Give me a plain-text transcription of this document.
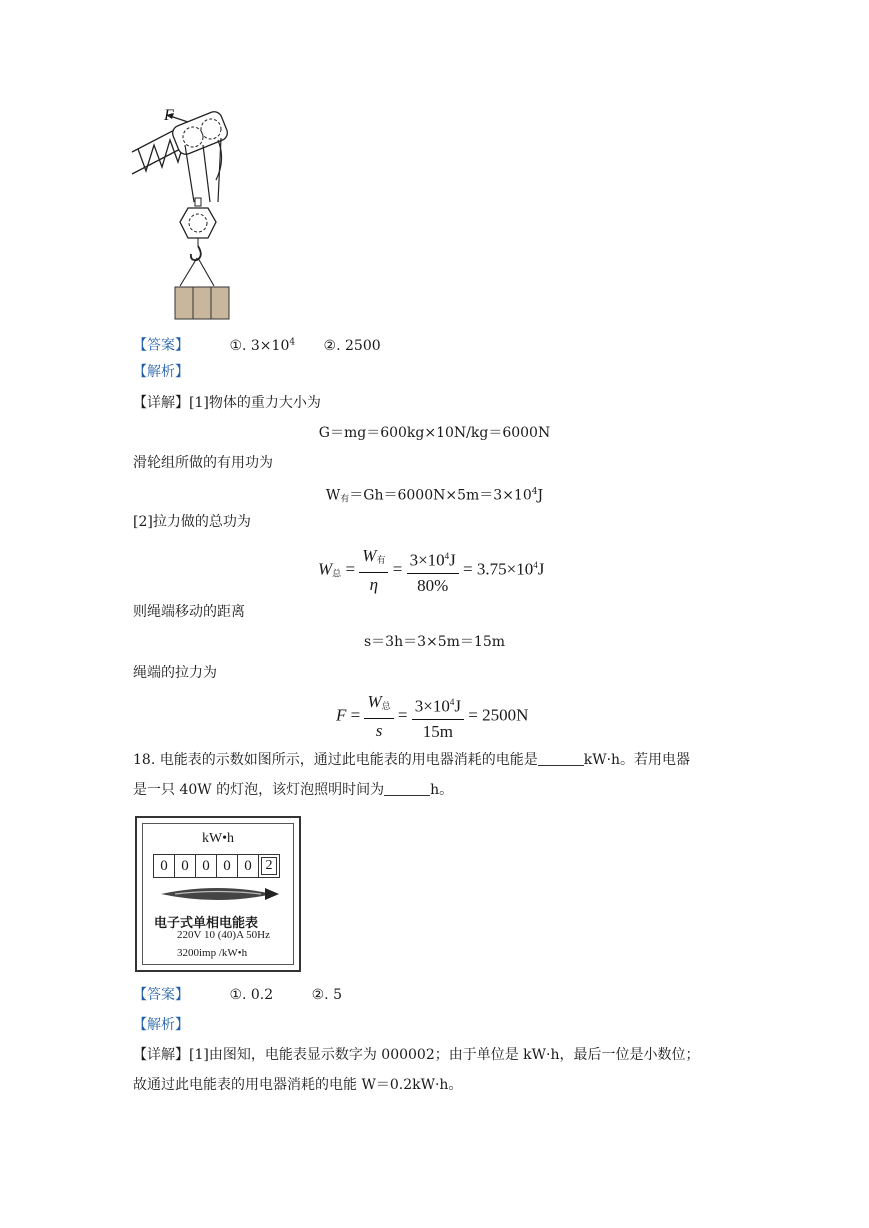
F
【答案】	①. $3\times 10^4$ ②. 2500
【解析】
【详解】[1]物体的重力大小为
G＝mg＝600kg×10N/kg＝6000N
滑轮组所做的有用功为
$W_有=Gh=6000N\times 5m=3\times 10^4J$
[2]拉力做的总功为
$W_总 = \frac{W_有}{\eta} = \frac{3\times 10^4J}{80\%} = 3.75\times 10^4J$
则绳端移动的距离
s＝3h＝3×5m＝15m
绳端的拉力为
$F = \frac{W_总}{s} = \frac{3\times 10^4J}{15m} = 2500N$
18. 电能表的示数如图所示，通过此电能表的用电器消耗的电能是	kW·h。若用电器
是一只 40W 的灯泡，该灯泡照明时间为	h。
kW•h
0 0 0 0 0 2
电子式单相电能表
220V 10 (40)A 50Hz
3200imp /kW•h
【答案】	①. 0.2	②. 5
【解析】
【详解】[1]由图知，电能表显示数字为 000002；由于单位是 kW·h，最后一位是小数位；
故通过此电能表的用电器消耗的电能 W＝0.2kW·h。
